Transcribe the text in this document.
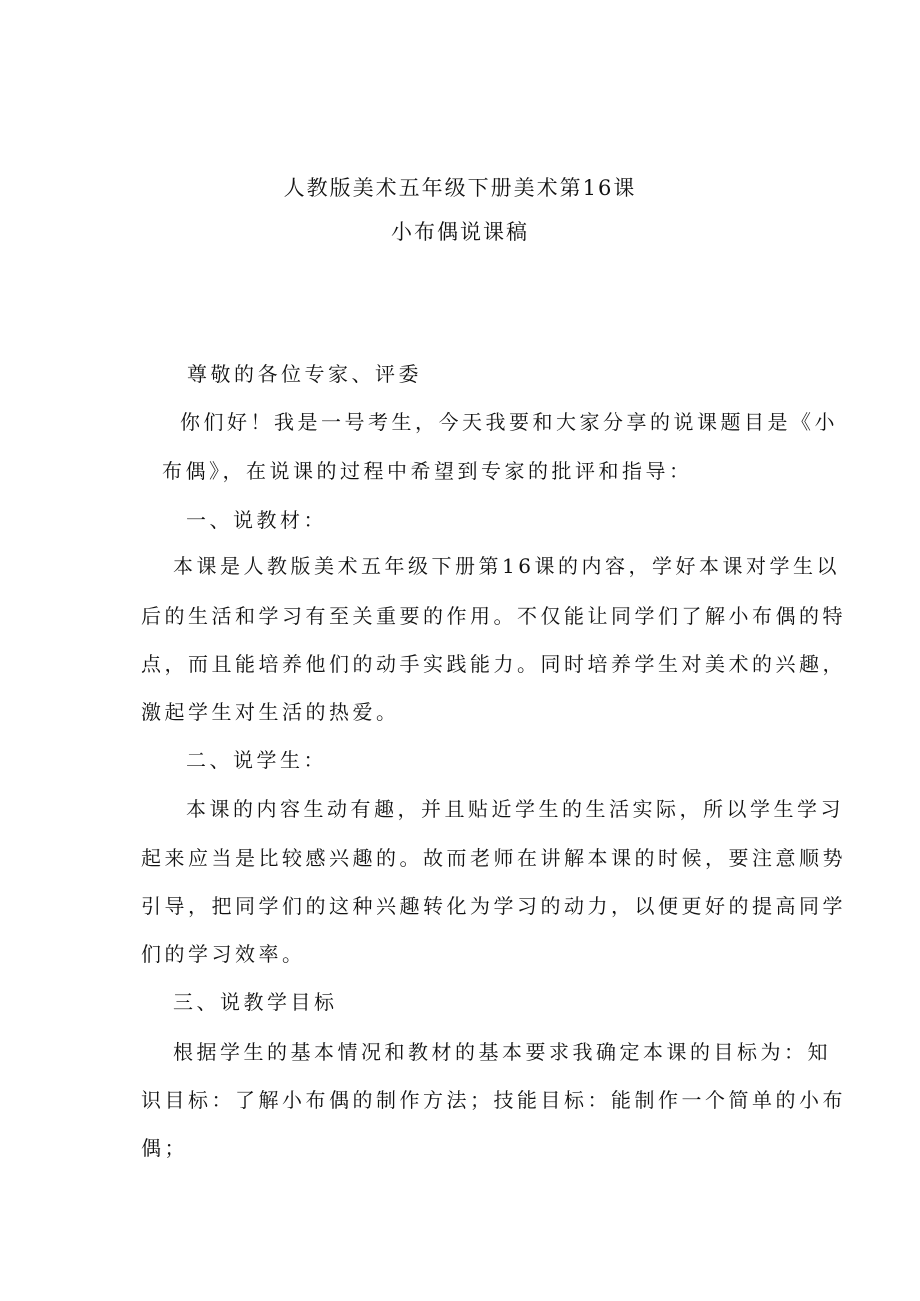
人教版美术五年级下册美术第16课
小布偶说课稿
尊敬的各位专家、评委
你们好！我是一号考生，今天我要和大家分享的说课题目是《小
布偶》，在说课的过程中希望到专家的批评和指导：
一、说教材：
本课是人教版美术五年级下册第16课的内容，学好本课对学生以
后的生活和学习有至关重要的作用。不仅能让同学们了解小布偶的特
点，而且能培养他们的动手实践能力。同时培养学生对美术的兴趣，
激起学生对生活的热爱。
二、说学生：
本课的内容生动有趣，并且贴近学生的生活实际，所以学生学习
起来应当是比较感兴趣的。故而老师在讲解本课的时候，要注意顺势
引导，把同学们的这种兴趣转化为学习的动力，以便更好的提高同学
们的学习效率。
三、说教学目标
根据学生的基本情况和教材的基本要求我确定本课的目标为：知
识目标：了解小布偶的制作方法；技能目标：能制作一个简单的小布
偶；
